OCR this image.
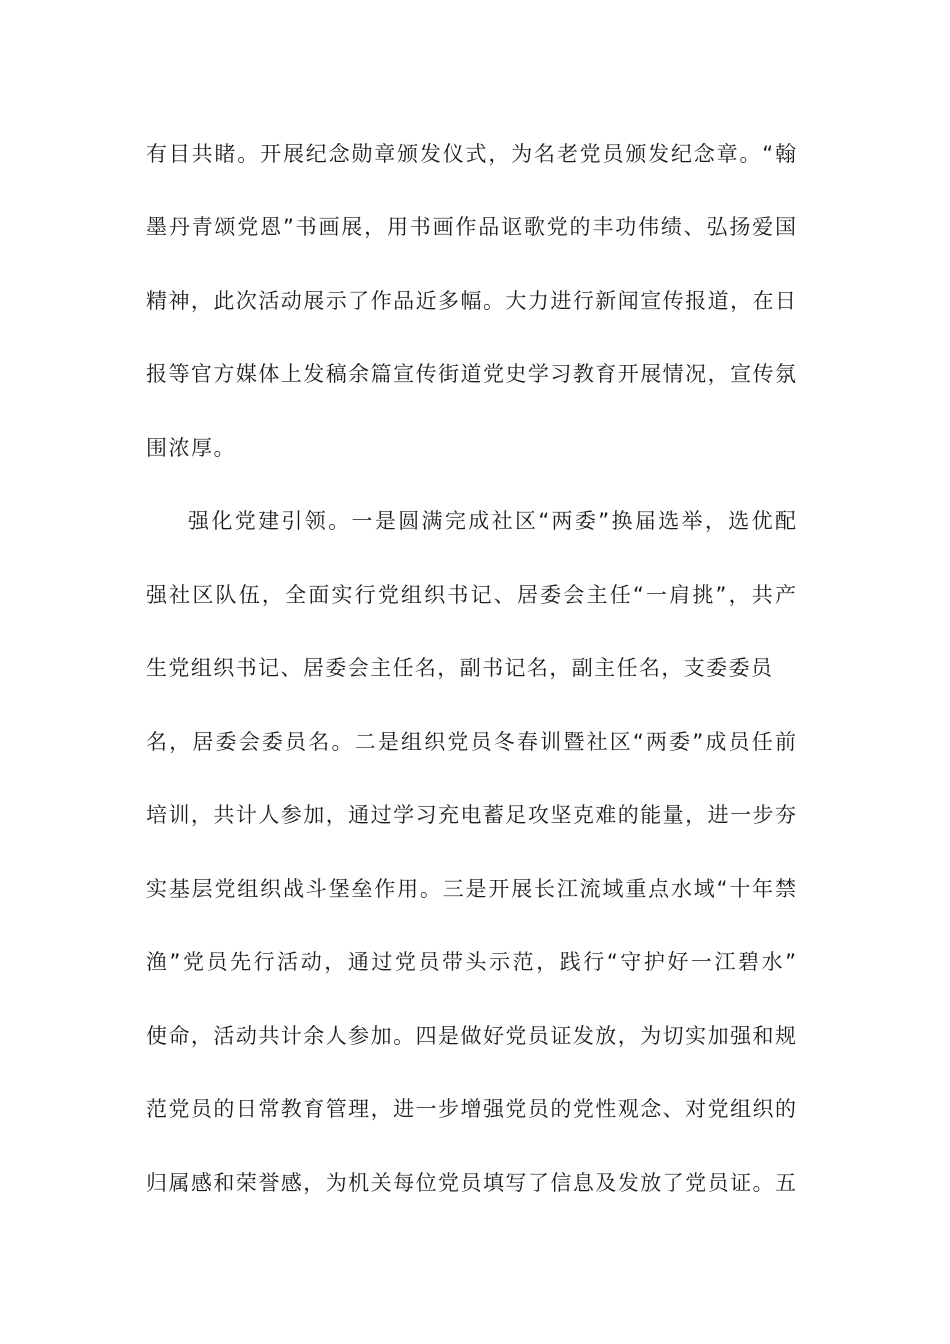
有目共睹。开展纪念勋章颁发仪式，为名老党员颁发纪念章。“翰
墨丹青颂党恩”书画展，用书画作品讴歌党的丰功伟绩、弘扬爱国
精神，此次活动展示了作品近多幅。大力进行新闻宣传报道，在日
报等官方媒体上发稿余篇宣传街道党史学习教育开展情况，宣传氛
围浓厚。
强化党建引领。一是圆满完成社区“两委”换届选举，选优配
强社区队伍，全面实行党组织书记、居委会主任“一肩挑”，共产
生党组织书记、居委会主任名，副书记名，副主任名，支委委员
名，居委会委员名。二是组织党员冬春训暨社区“两委”成员任前
培训，共计人参加，通过学习充电蓄足攻坚克难的能量，进一步夯
实基层党组织战斗堡垒作用。三是开展长江流域重点水域“十年禁
渔”党员先行活动，通过党员带头示范，践行“守护好一江碧水”
使命，活动共计余人参加。四是做好党员证发放，为切实加强和规
范党员的日常教育管理，进一步增强党员的党性观念、对党组织的
归属感和荣誉感，为机关每位党员填写了信息及发放了党员证。五
